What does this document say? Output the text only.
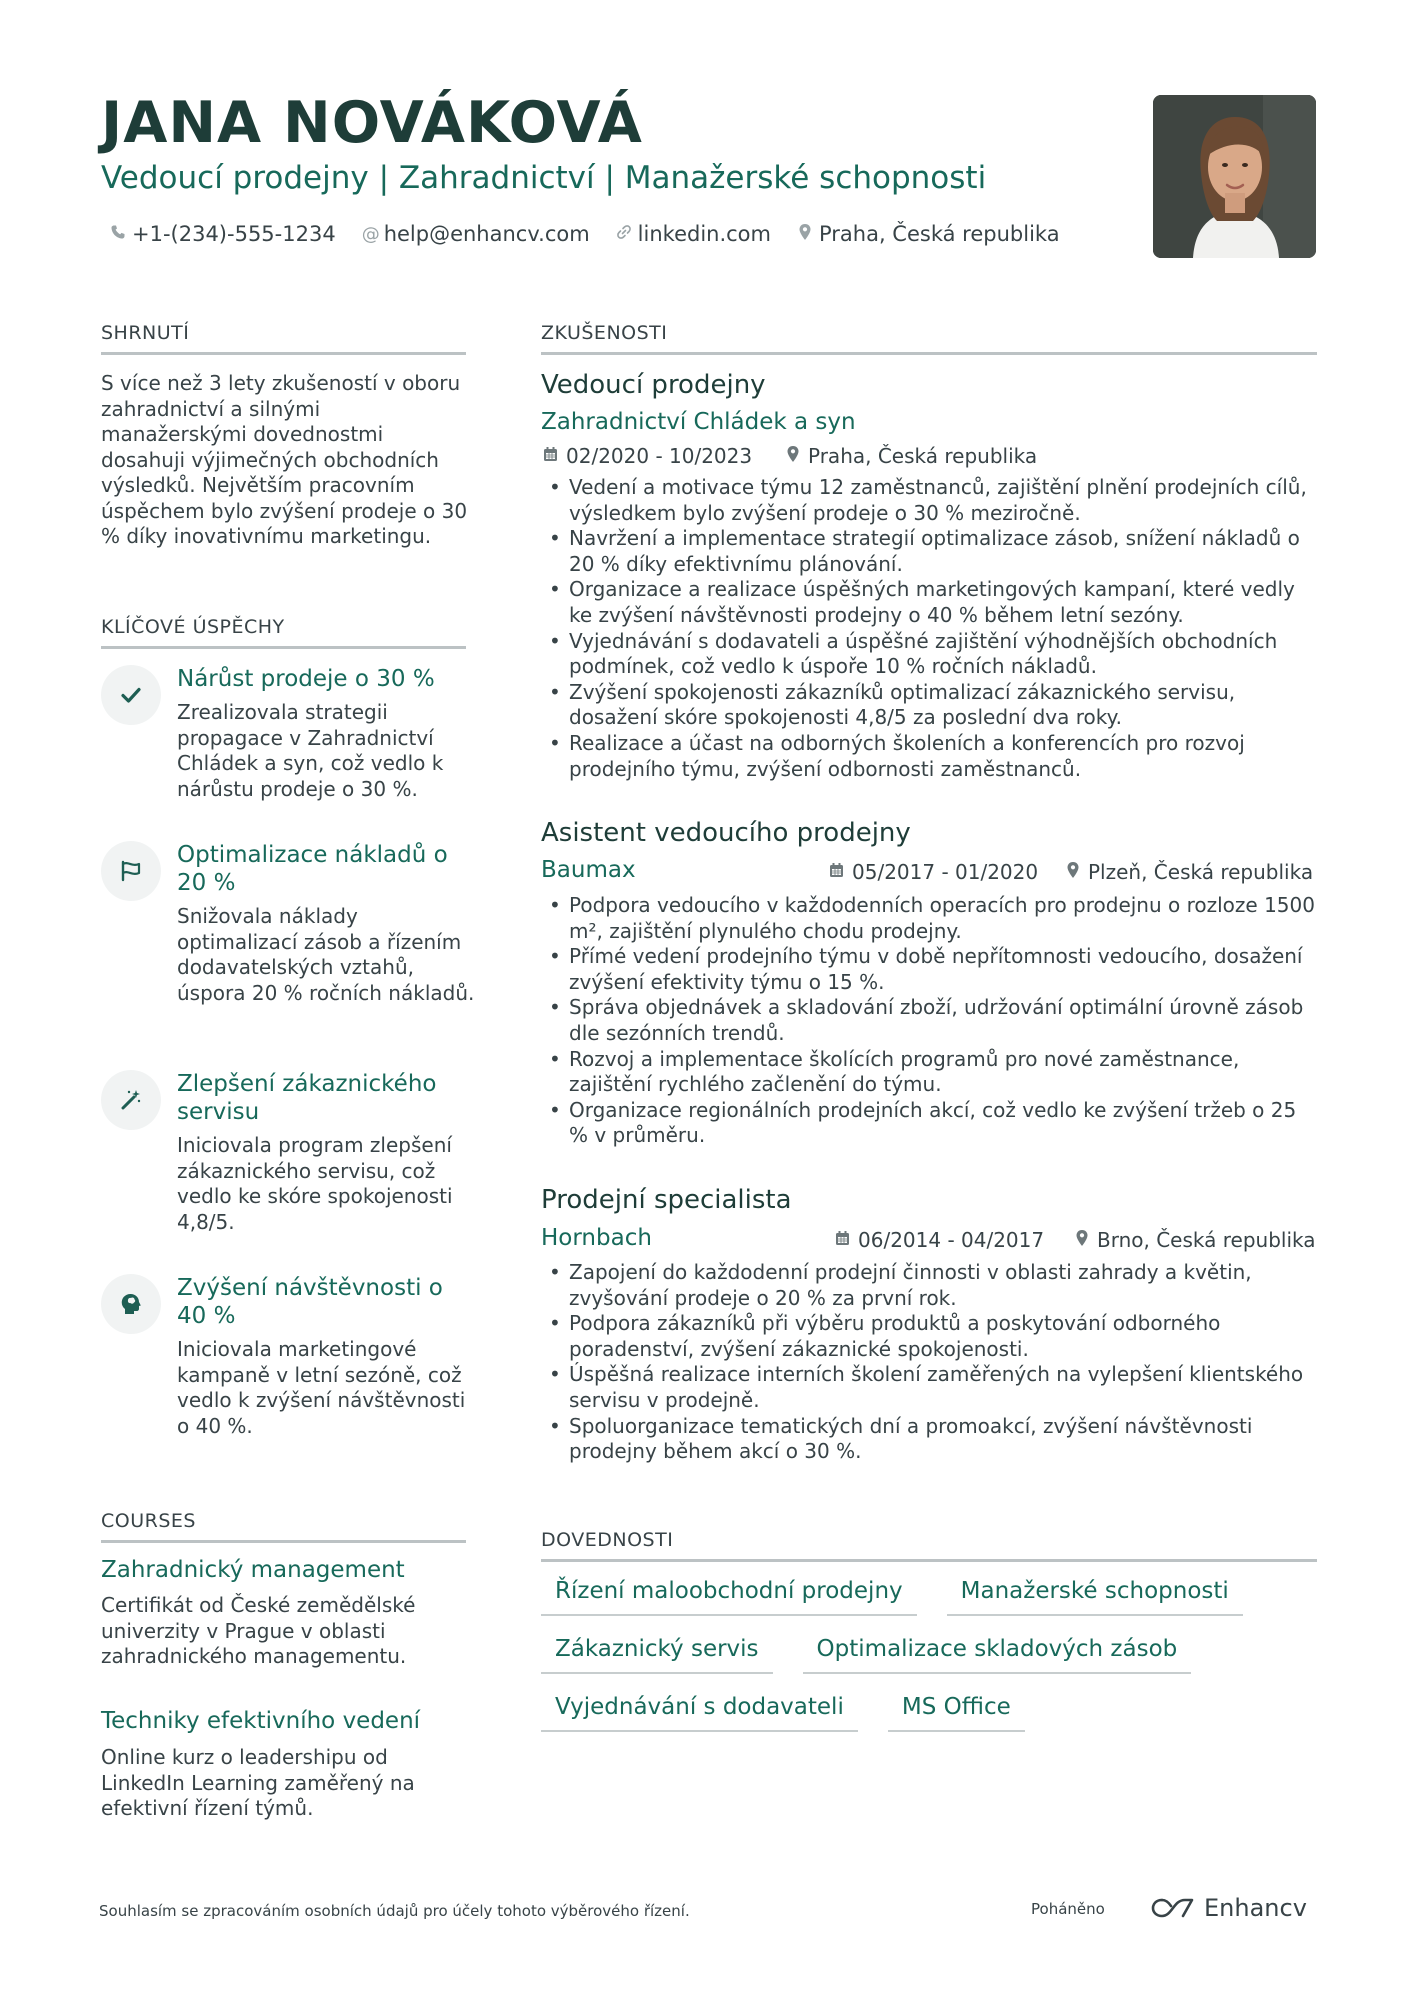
JANA NOVÁKOVÁ
Vedoucí prodejny | Zahradnictví | Manažerské schopnosti
+1-(234)-555-1234 @ help@enhancv.com linkedin.com Praha, Česká republika
SHRNUTÍ
S více než 3 lety zkušeností v oboru zahradnictví a silnými manažerskými dovednostmi dosahuji výjimečných obchodních výsledků. Největším pracovním úspěchem bylo zvýšení prodeje o 30 % díky inovativnímu marketingu.
KLÍČOVÉ ÚSPĚCHY
Nárůst prodeje o 30 %
Zrealizovala strategii propagace v Zahradnictví Chládek a syn, což vedlo k nárůstu prodeje o 30 %.
Optimalizace nákladů o 20 %
Snižovala náklady optimalizací zásob a řízením dodavatelských vztahů, úspora 20 % ročních nákladů.
Zlepšení zákaznického servisu
Iniciovala program zlepšení zákaznického servisu, což vedlo ke skóre spokojenosti 4,8/5.
Zvýšení návštěvnosti o 40 %
Iniciovala marketingové kampaně v letní sezóně, což vedlo k zvýšení návštěvnosti o 40 %.
COURSES
Zahradnický management
Certifikát od České zemědělské univerzity v Prague v oblasti zahradnického managementu.
Techniky efektivního vedení
Online kurz o leadershipu od LinkedIn Learning zaměřený na efektivní řízení týmů.
ZKUŠENOSTI
Vedoucí prodejny
Zahradnictví Chládek a syn
02/2020 - 10/2023	Praha, Česká republika
• Vedení a motivace týmu 12 zaměstnanců, zajištění plnění prodejních cílů, výsledkem bylo zvýšení prodeje o 30 % meziročně.
• Navržení a implementace strategií optimalizace zásob, snížení nákladů o 20 % díky efektivnímu plánování.
• Organizace a realizace úspěšných marketingových kampaní, které vedly ke zvýšení návštěvnosti prodejny o 40 % během letní sezóny.
• Vyjednávání s dodavateli a úspěšné zajištění výhodnějších obchodních podmínek, což vedlo k úspoře 10 % ročních nákladů.
• Zvýšení spokojenosti zákazníků optimalizací zákaznického servisu, dosažení skóre spokojenosti 4,8/5 za poslední dva roky.
• Realizace a účast na odborných školeních a konferencích pro rozvoj prodejního týmu, zvýšení odbornosti zaměstnanců.
Asistent vedoucího prodejny
Baumax	05/2017 - 01/2020 Plzeň, Česká republika
• Podpora vedoucího v každodenních operacích pro prodejnu o rozloze 1500 m², zajištění plynulého chodu prodejny.
• Přímé vedení prodejního týmu v době nepřítomnosti vedoucího, dosažení zvýšení efektivity týmu o 15 %.
• Správa objednávek a skladování zboží, udržování optimální úrovně zásob dle sezónních trendů.
• Rozvoj a implementace školících programů pro nové zaměstnance, zajištění rychlého začlenění do týmu.
• Organizace regionálních prodejních akcí, což vedlo ke zvýšení tržeb o 25 % v průměru.
Prodejní specialista
Hornbach	06/2014 - 04/2017	Brno, Česká republika
• Zapojení do každodenní prodejní činnosti v oblasti zahrady a květin, zvyšování prodeje o 20 % za první rok.
• Podpora zákazníků při výběru produktů a poskytování odborného poradenství, zvýšení zákaznické spokojenosti.
• Úspěšná realizace interních školení zaměřených na vylepšení klientského servisu v prodejně.
• Spoluorganizace tematických dní a promoakcí, zvýšení návštěvnosti prodejny během akcí o 30 %.
DOVEDNOSTI
Řízení maloobchodní prodejny	Manažerské schopnosti
Zákaznický servis	Optimalizace skladových zásob
Vyjednávání s dodavateli	MS Office
Souhlasím se zpracováním osobních údajů pro účely tohoto výběrového řízení.	Poháněno	Enhancv
